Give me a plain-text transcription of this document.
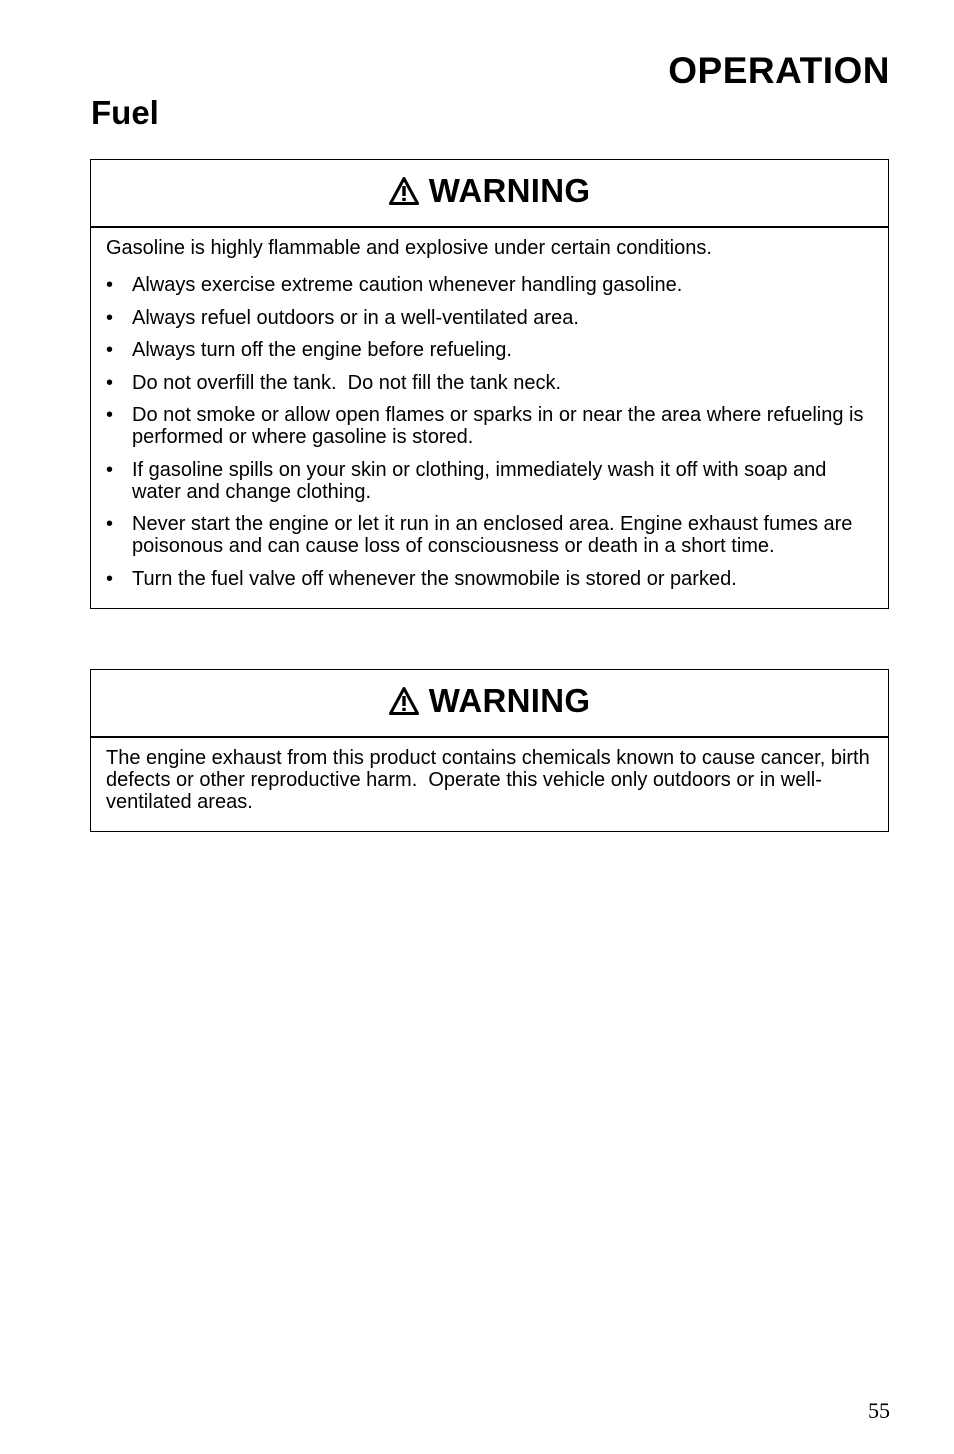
OPERATION
Fuel
WARNING

Gasoline is highly flammable and explosive under certain conditions.

• Always exercise extreme caution whenever handling gasoline.
• Always refuel outdoors or in a well-ventilated area.
• Always turn off the engine before refueling.
• Do not overfill the tank.  Do not fill the tank neck.
• Do not smoke or allow open flames or sparks in or near the area where refueling is performed or where gasoline is stored.
• If gasoline spills on your skin or clothing, immediately wash it off with soap and water and change clothing.
• Never start the engine or let it run in an enclosed area. Engine exhaust fumes are poisonous and can cause loss of consciousness or death in a short time.
• Turn the fuel valve off whenever the snowmobile is stored or parked.
WARNING

The engine exhaust from this product contains chemicals known to cause cancer, birth defects or other reproductive harm.  Operate this vehicle only outdoors or in well-ventilated areas.

55
